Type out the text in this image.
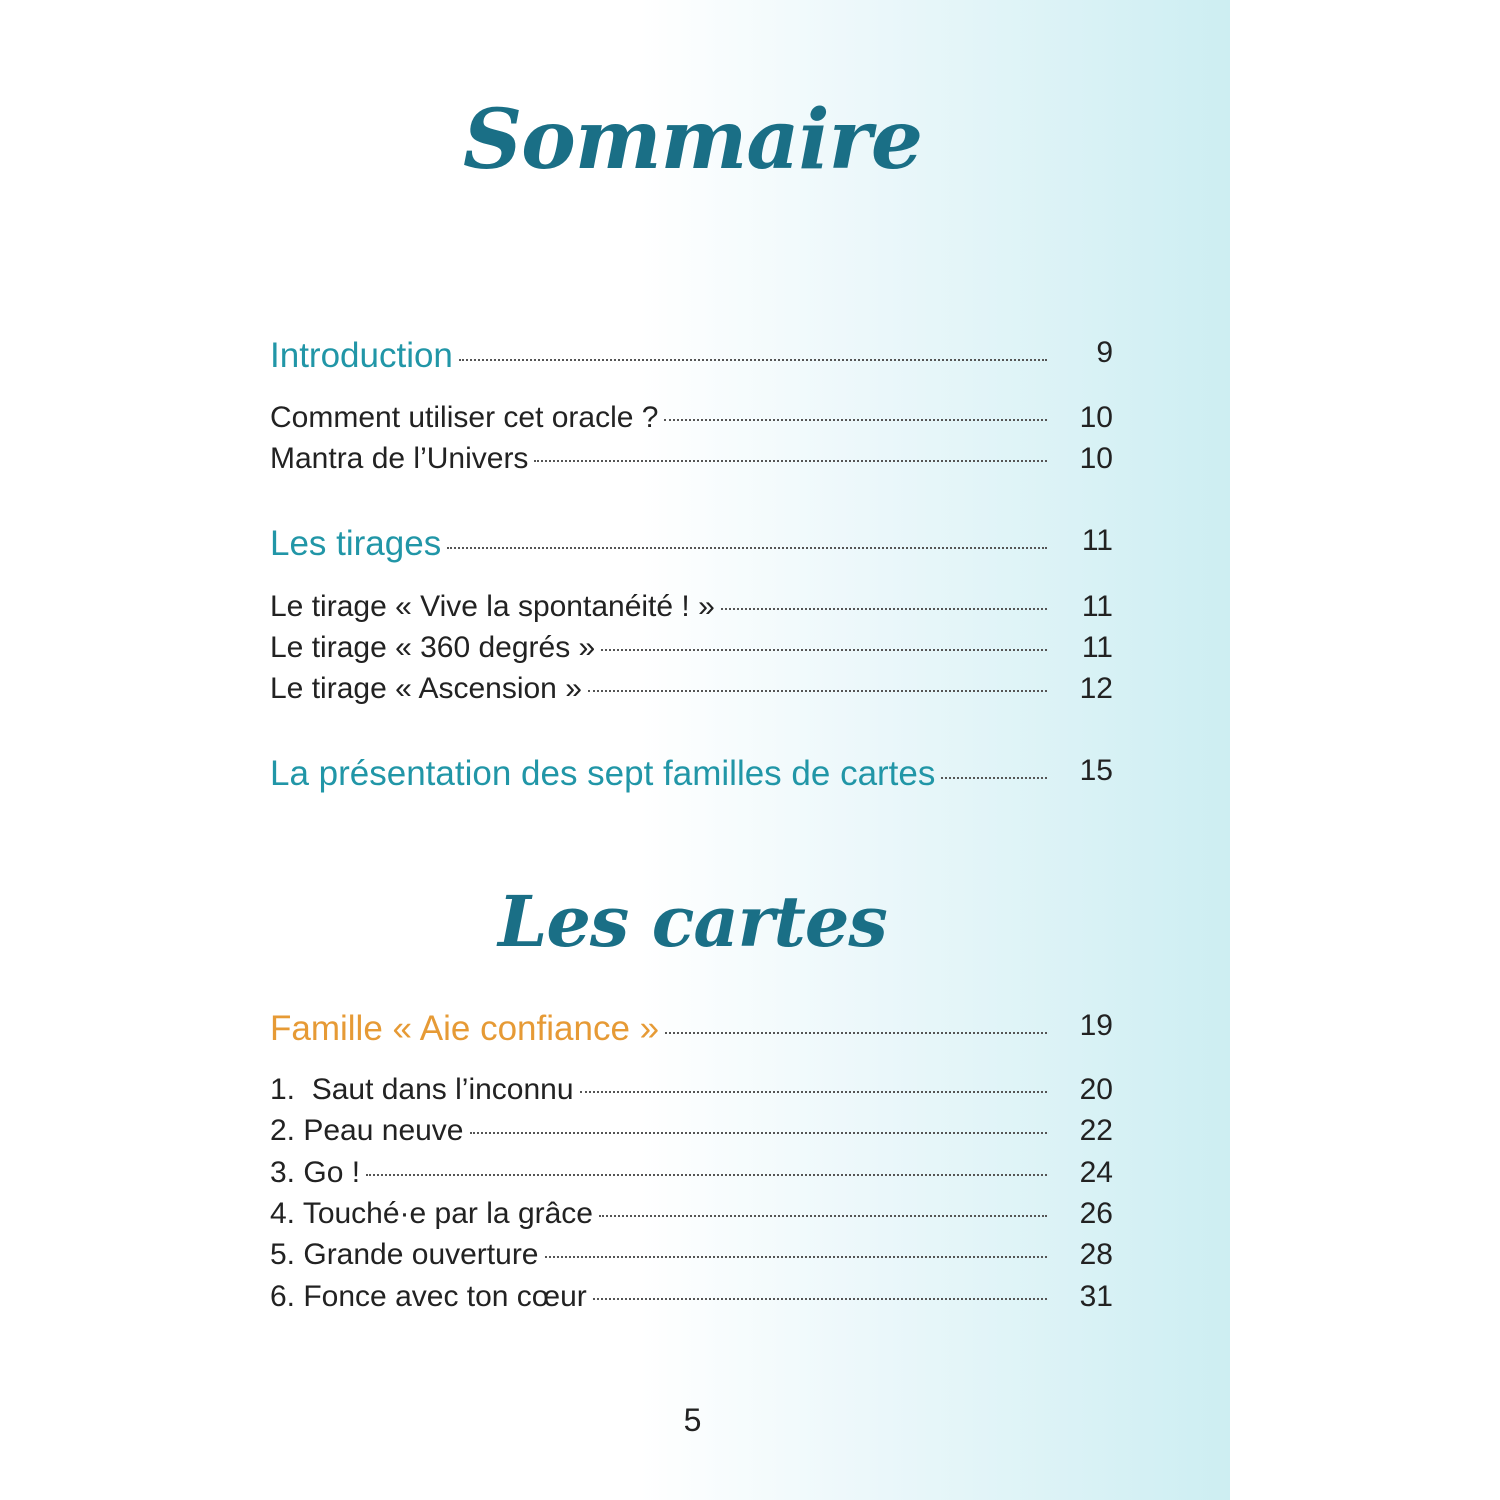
Sommaire
Introduction	9
Comment utiliser cet oracle ?	10
Mantra de l’Univers	10
Les tirages	11
Le tirage « Vive la spontanéité ! »	11
Le tirage « 360 degrés »	11
Le tirage « Ascension »	12
La présentation des sept familles de cartes	15
Les cartes
Famille « Aie confiance »	19
1.  Saut dans l’inconnu	20
2. Peau neuve	22
3. Go !	24
4. Touché·e par la grâce	26
5. Grande ouverture	28
6. Fonce avec ton cœur	31
5
